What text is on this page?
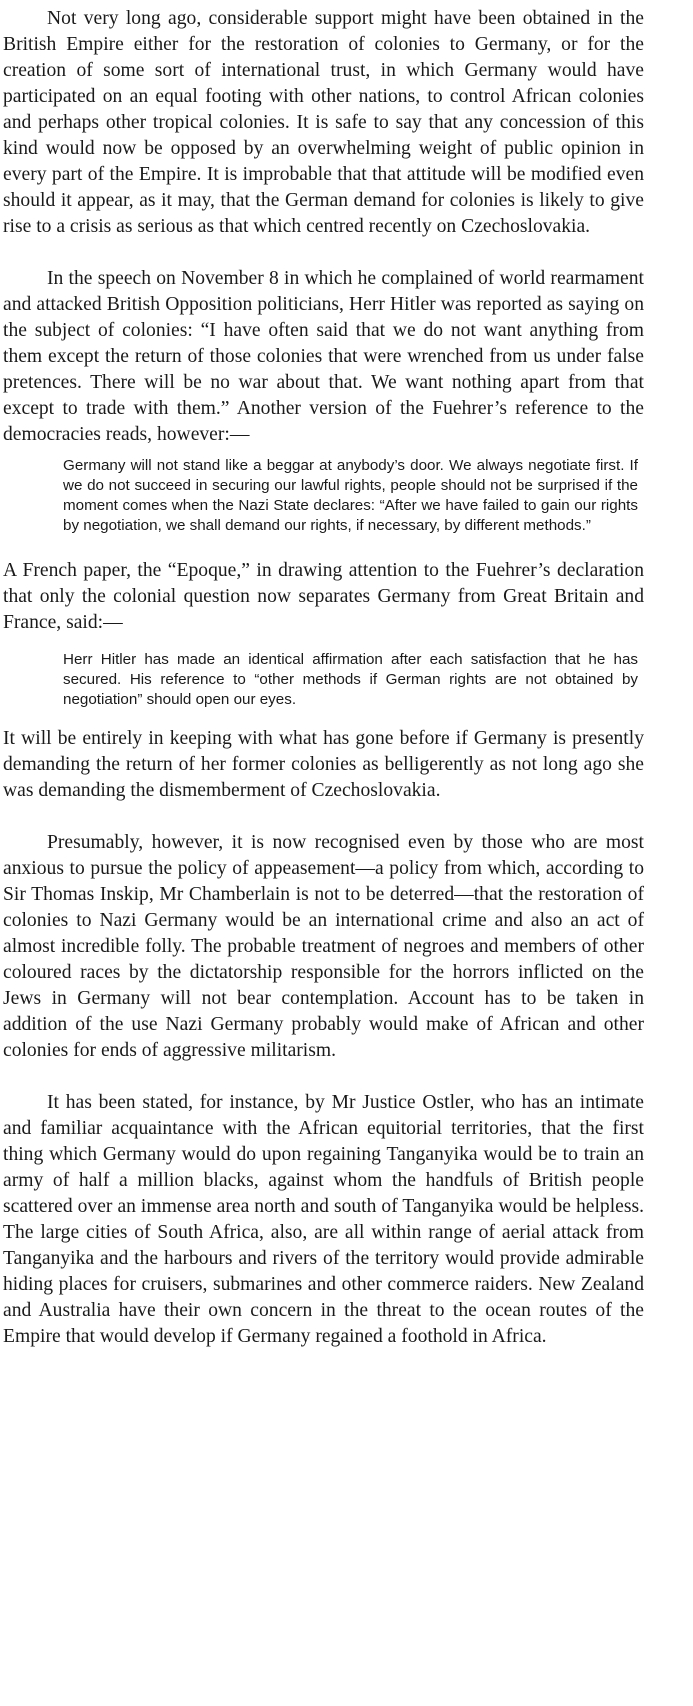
Not very long ago, considerable support might have been obtained in the British Empire either for the restoration of colonies to Germany, or for the creation of some sort of international trust, in which Germany would have participated on an equal footing with other nations, to control African colonies and perhaps other tropical colonies. It is safe to say that any concession of this kind would now be opposed by an overwhelming weight of public opinion in every part of the Empire. It is improbable that that attitude will be modified even should it appear, as it may, that the German demand for colonies is likely to give rise to a crisis as serious as that which centred recently on Czechoslovakia.

In the speech on November 8 in which he complained of world rearmament and attacked British Opposition politicians, Herr Hitler was reported as saying on the subject of colonies: “I have often said that we do not want anything from them except the return of those colonies that were wrenched from us under false pretences. There will be no war about that. We want nothing apart from that except to trade with them.” Another version of the Fuehrer’s reference to the democracies reads, however:—

Germany will not stand like a beggar at anybody’s door. We always negotiate first. If we do not succeed in securing our lawful rights, people should not be surprised if the moment comes when the Nazi State declares: “After we have failed to gain our rights by negotiation, we shall demand our rights, if necessary, by different methods.”

A French paper, the “Epoque,” in drawing attention to the Fuehrer’s declaration that only the colonial question now separates Germany from Great Britain and France, said:—

Herr Hitler has made an identical affirmation after each satisfaction that he has secured. His reference to “other methods if German rights are not obtained by negotiation” should open our eyes.

It will be entirely in keeping with what has gone before if Germany is presently demanding the return of her former colonies as belligerently as not long ago she was demanding the dismemberment of Czechoslovakia.

Presumably, however, it is now recognised even by those who are most anxious to pursue the policy of appeasement—a policy from which, according to Sir Thomas Inskip, Mr Chamberlain is not to be deterred—that the restoration of colonies to Nazi Germany would be an international crime and also an act of almost incredible folly. The probable treatment of negroes and members of other coloured races by the dictatorship responsible for the horrors inflicted on the Jews in Germany will not bear contemplation. Account has to be taken in addition of the use Nazi Germany probably would make of African and other colonies for ends of aggressive militarism.

It has been stated, for instance, by Mr Justice Ostler, who has an intimate and familiar acquaintance with the African equitorial territories, that the first thing which Germany would do upon regaining Tanganyika would be to train an army of half a million blacks, against whom the handfuls of British people scattered over an immense area north and south of Tanganyika would be helpless. The large cities of South Africa, also, are all within range of aerial attack from Tanganyika and the harbours and rivers of the territory would provide admirable hiding places for cruisers, submarines and other commerce raiders. New Zealand and Australia have their own concern in the threat to the ocean routes of the Empire that would develop if Germany regained a foothold in Africa.
